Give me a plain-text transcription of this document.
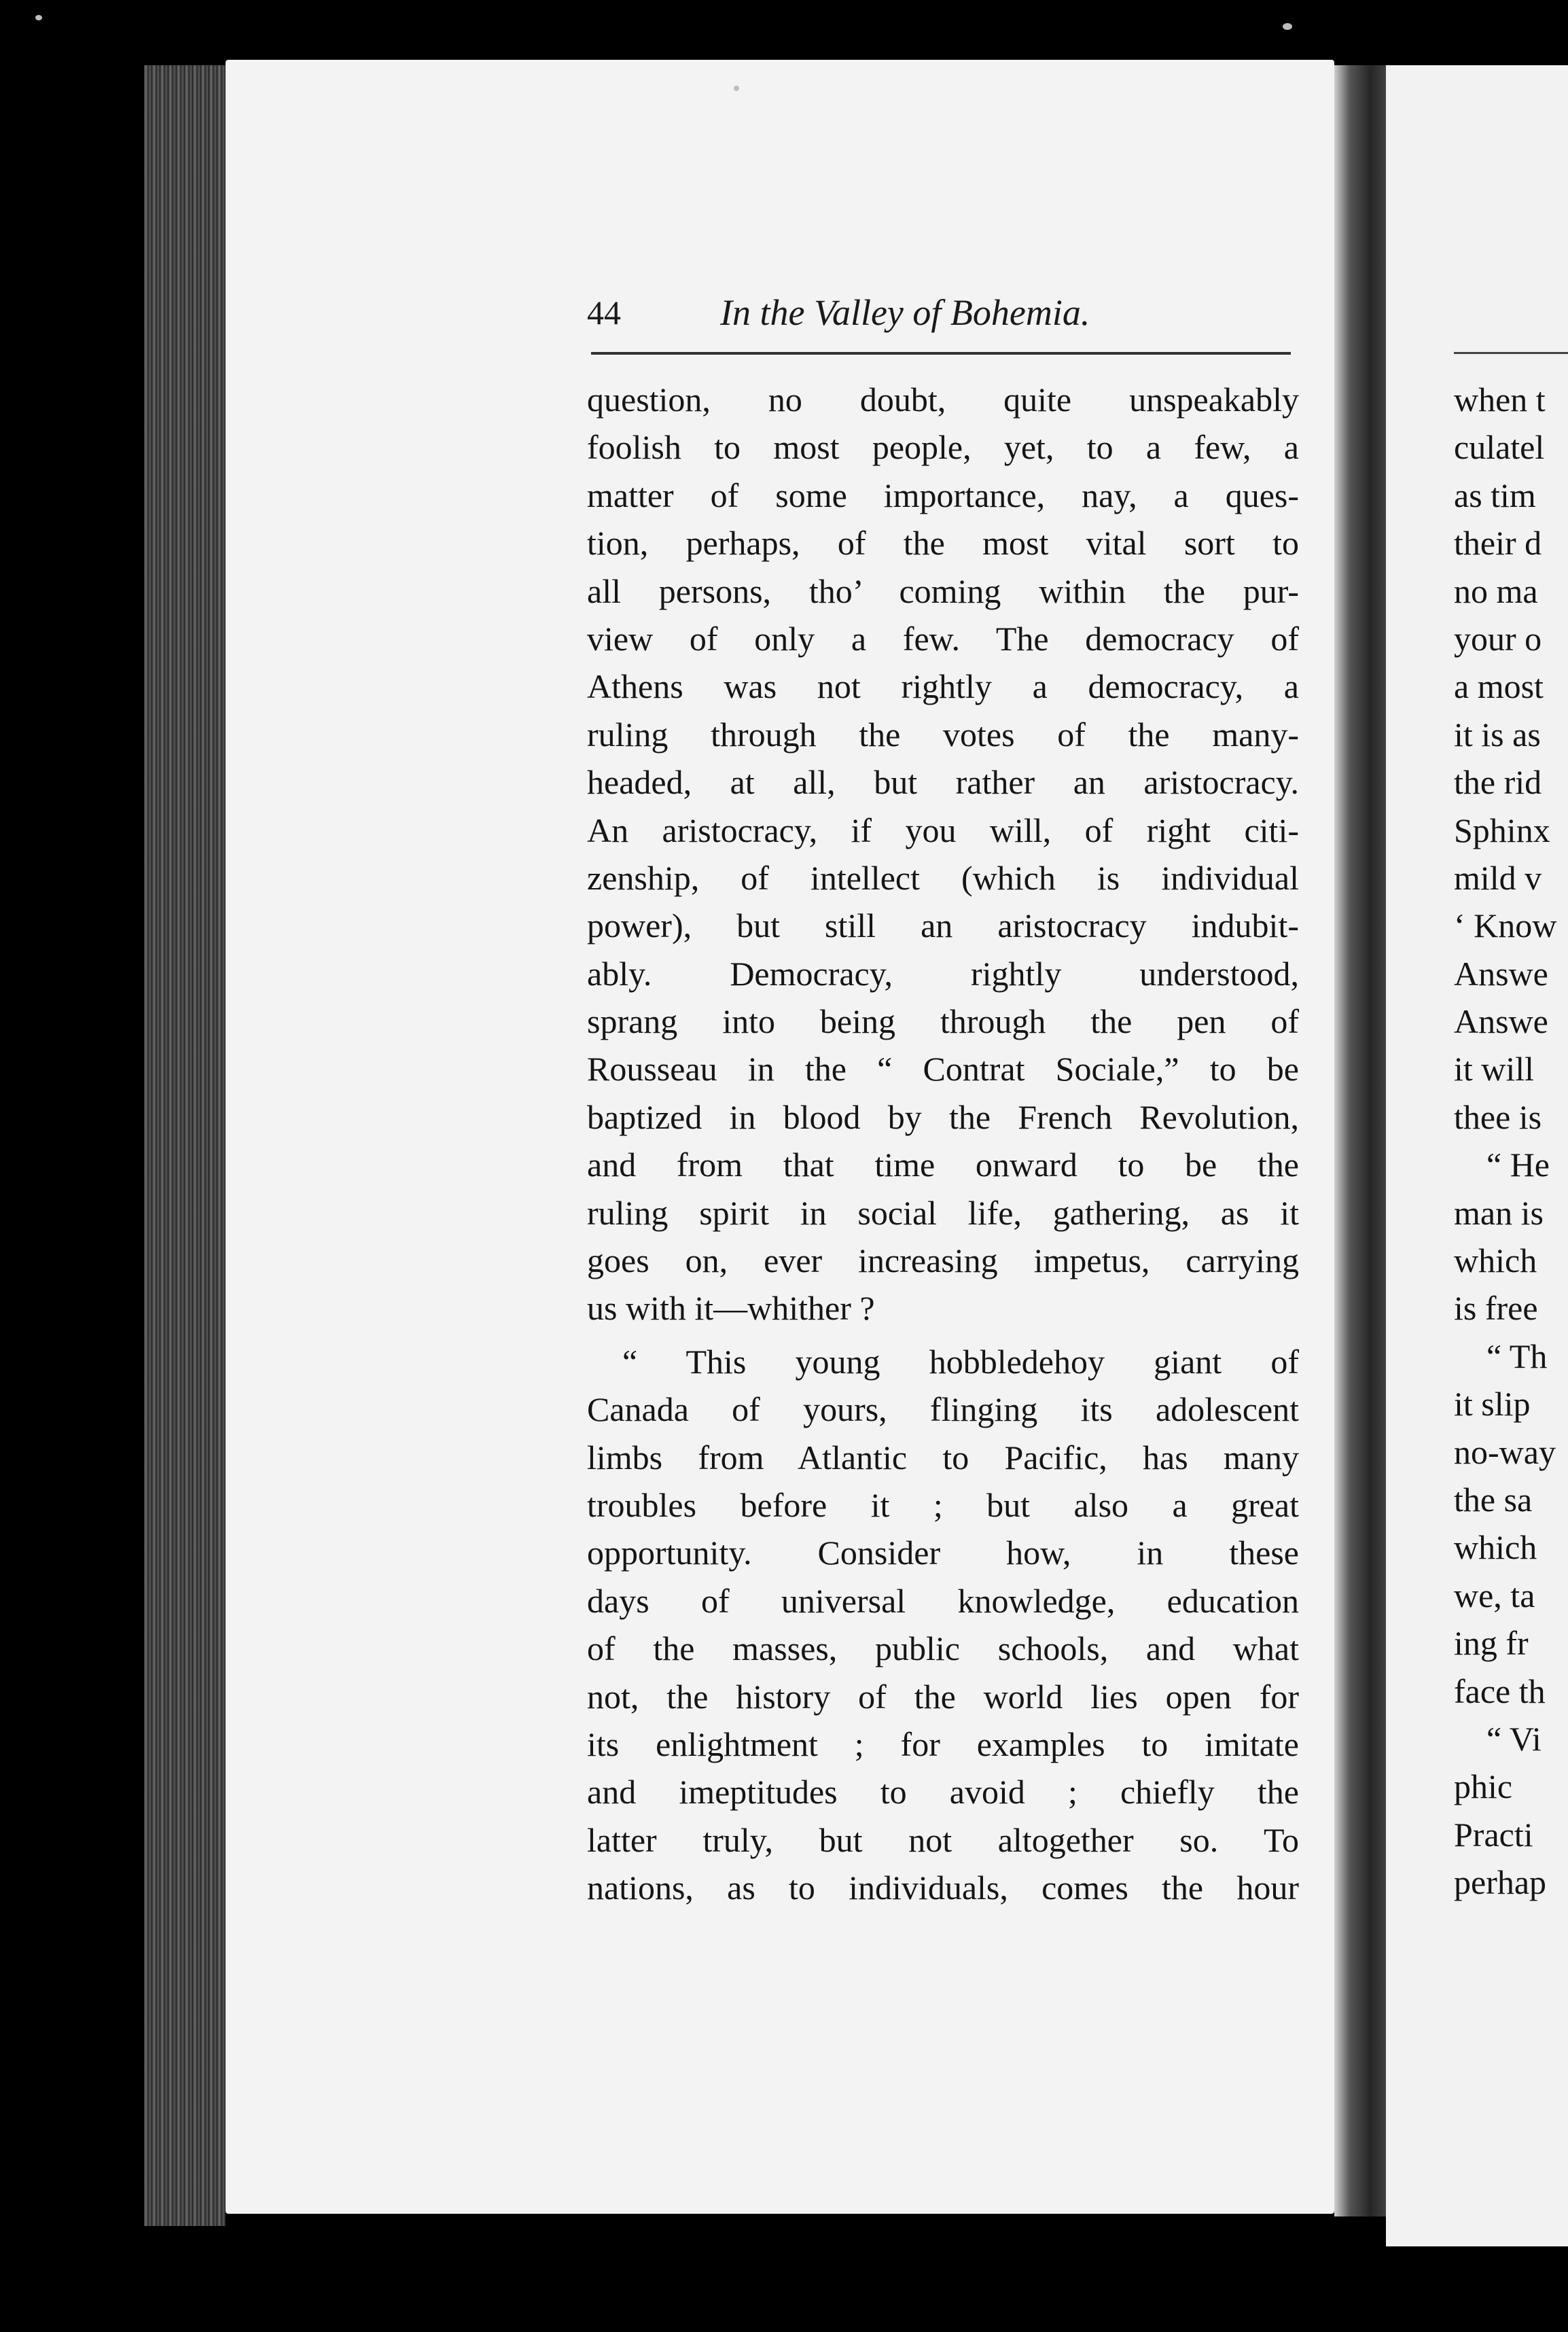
44	In the Valley of Bohemia.
question, no doubt, quite unspeakably
foolish to most people, yet, to a few, a
matter of some importance, nay, a ques-
tion, perhaps, of the most vital sort to
all persons, tho’ coming within the pur-
view of only a few. The democracy of
Athens was not rightly a democracy, a
ruling through the votes of the many-
headed, at all, but rather an aristocracy.
An aristocracy, if you will, of right citi-
zenship, of intellect (which is individual
power), but still an aristocracy indubit-
ably. Democracy, rightly understood,
sprang into being through the pen of
Rousseau in the “ Contrat Sociale,” to be
baptized in blood by the French Revolution,
and from that time onward to be the
ruling spirit in social life, gathering, as it
goes on, ever increasing impetus, carrying
us with it—whither ?
“ This young hobbledehoy giant of
Canada of yours, flinging its adolescent
limbs from Atlantic to Pacific, has many
troubles before it ; but also a great
opportunity. Consider how, in these
days of universal knowledge, education
of the masses, public schools, and what
not, the history of the world lies open for
its enlightment ; for examples to imitate
and imeptitudes to avoid ; chiefly the
latter truly, but not altogether so. To
nations, as to individuals, comes the hour
when t
culatel
as tim
their d
no ma
your o
a most
it is as
the rid
Sphinx
mild v
‘ Know
Answe
Answe
it will
thee is
“ He
man is
which
is free
“ Th
it slip
no-way
the sa
which
we, ta
ing fr
face th
“ Vi
phic
Practi
perhap
